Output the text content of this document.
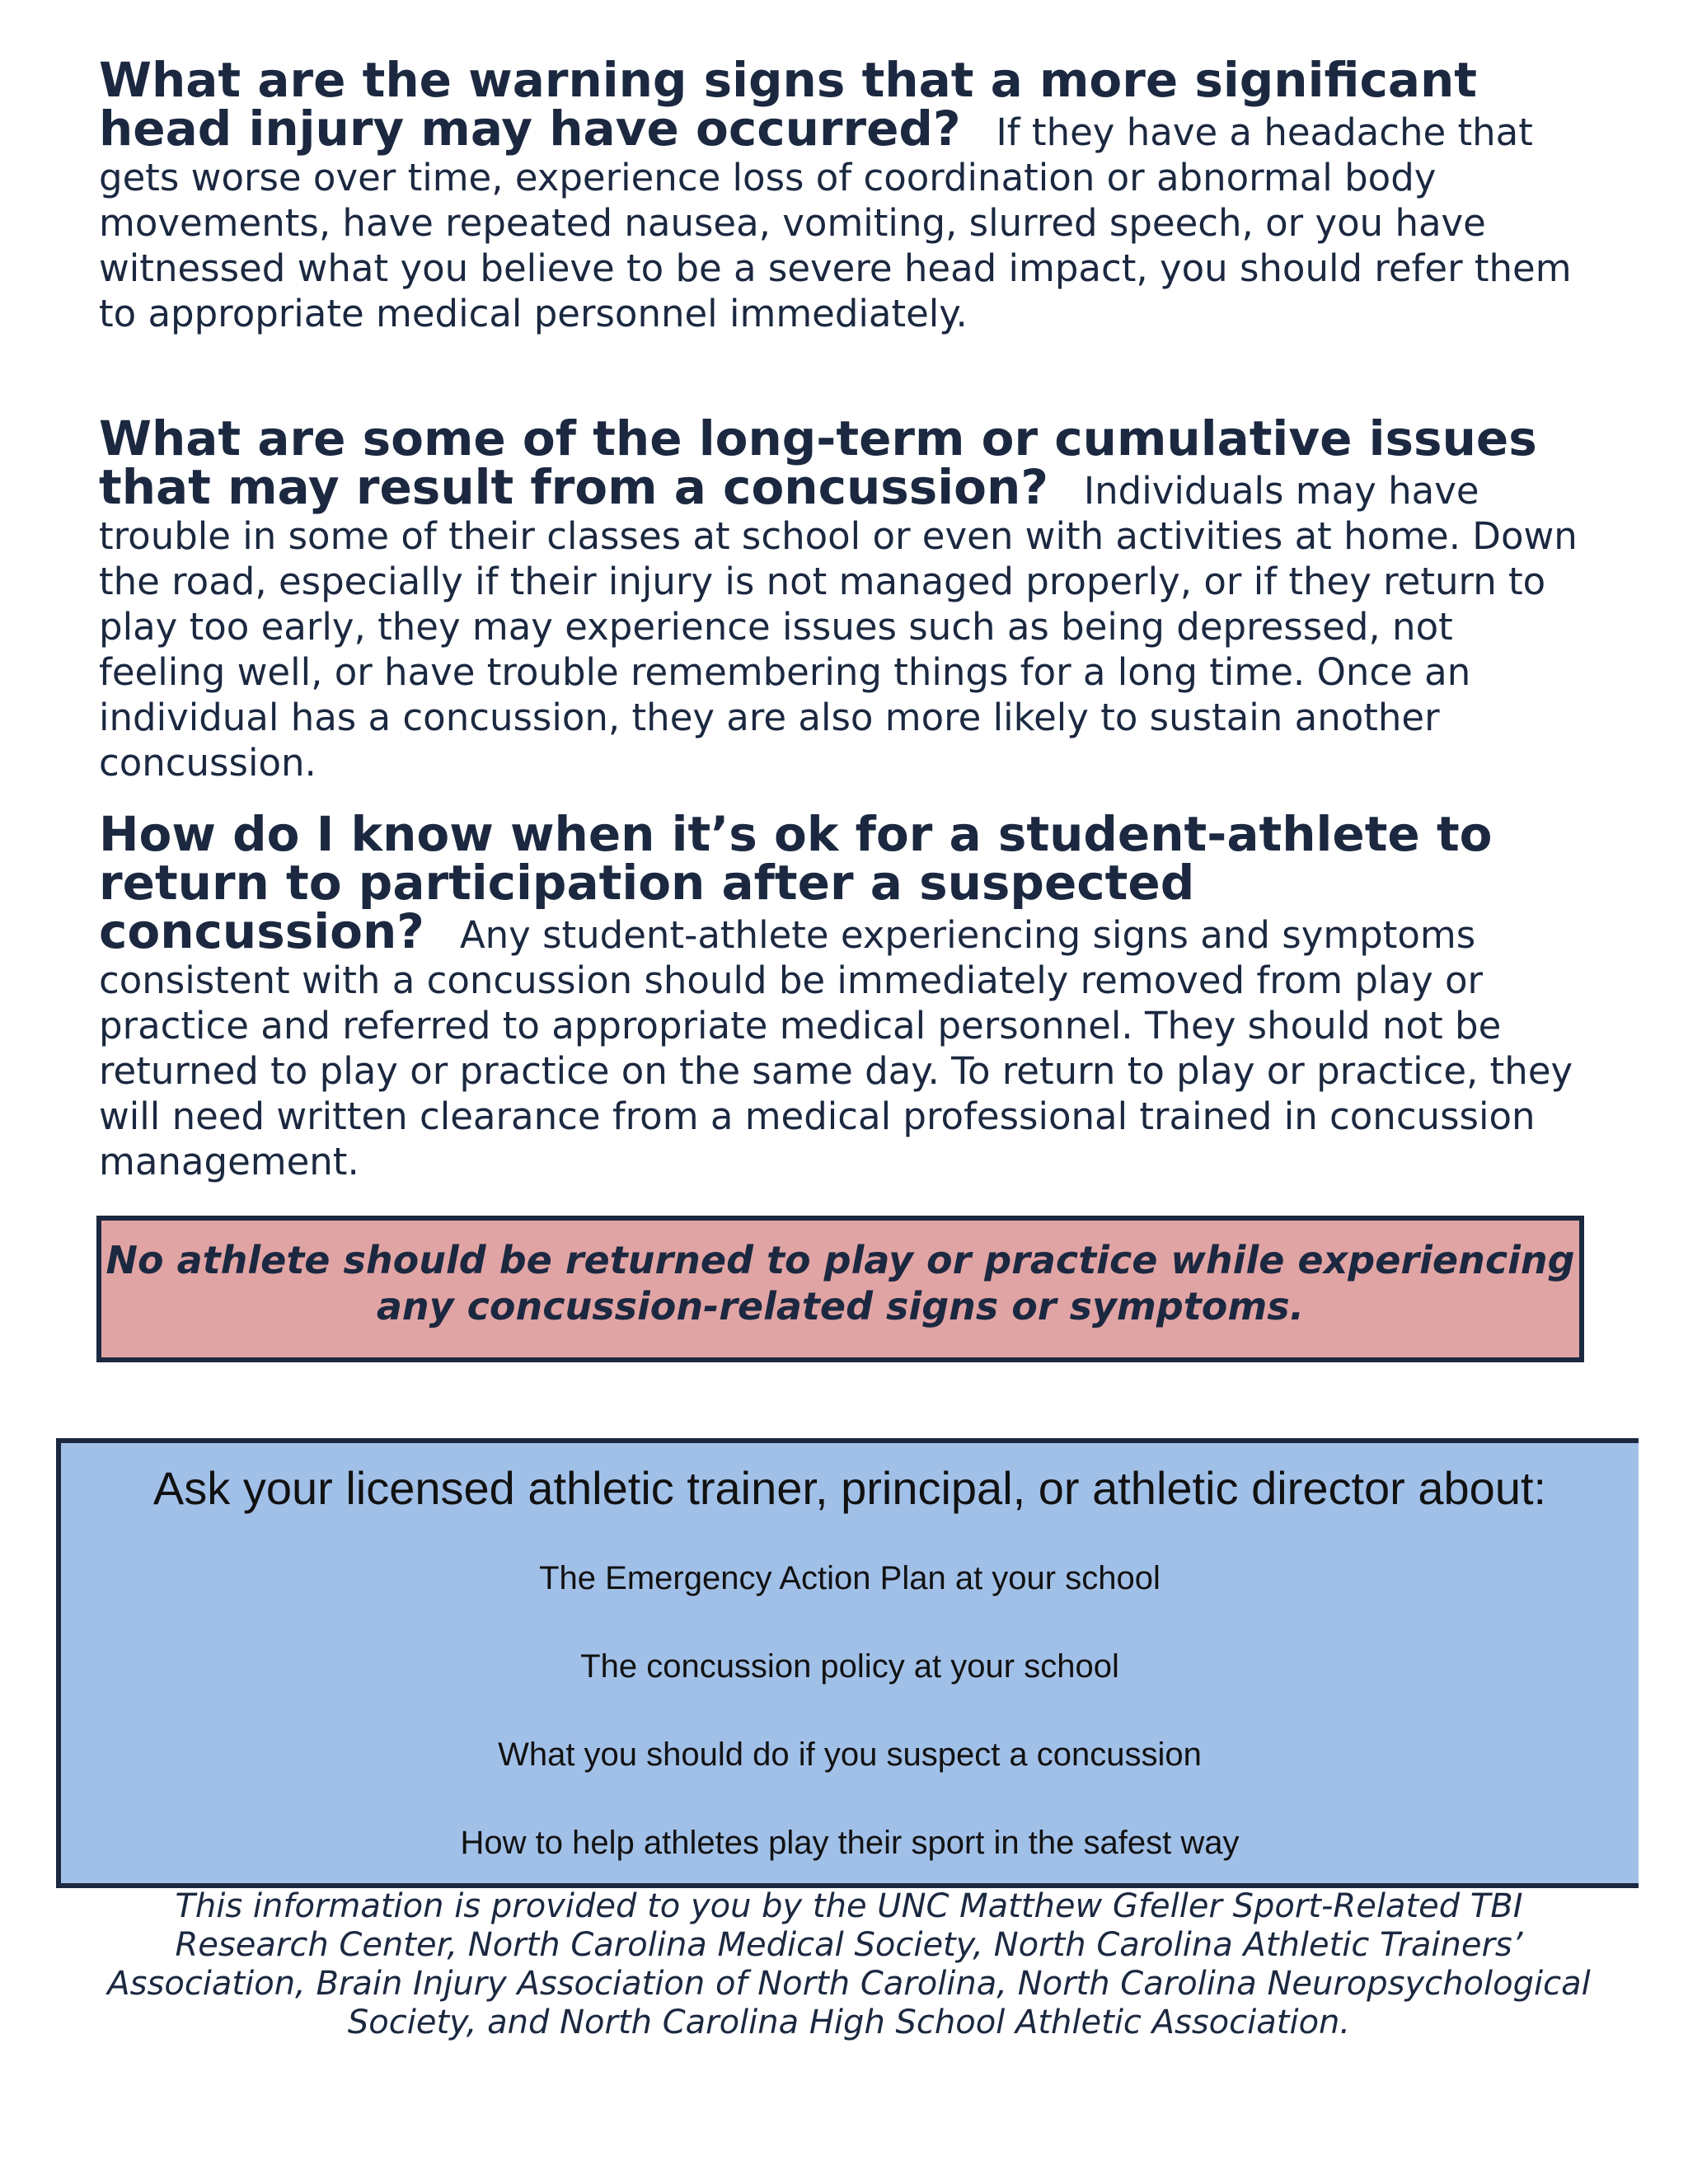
What are the warning signs that a more significant head injury may have occurred? If they have a headache that gets worse over time, experience loss of coordination or abnormal body movements, have repeated nausea, vomiting, slurred speech, or you have witnessed what you believe to be a severe head impact, you should refer them to appropriate medical personnel immediately.

What are some of the long-term or cumulative issues that may result from a concussion? Individuals may have trouble in some of their classes at school or even with activities at home. Down the road, especially if their injury is not managed properly, or if they return to play too early, they may experience issues such as being depressed, not feeling well, or have trouble remembering things for a long time. Once an individual has a concussion, they are also more likely to sustain another concussion.

How do I know when it’s ok for a student-athlete to return to participation after a suspected concussion? Any student-athlete experiencing signs and symptoms consistent with a concussion should be immediately removed from play or practice and referred to appropriate medical personnel. They should not be returned to play or practice on the same day. To return to play or practice, they will need written clearance from a medical professional trained in concussion management.

No athlete should be returned to play or practice while experiencing

any concussion-related signs or symptoms.

Ask your licensed athletic trainer, principal, or athletic director about:
The Emergency Action Plan at your school
The concussion policy at your school
What you should do if you suspect a concussion
How to help athletes play their sport in the safest way

This information is provided to you by the UNC Matthew Gfeller Sport-Related TBI Research Center, North Carolina Medical Society, North Carolina Athletic Trainers’ Association, Brain Injury Association of North Carolina, North Carolina Neuropsychological Society, and North Carolina High School Athletic Association.
